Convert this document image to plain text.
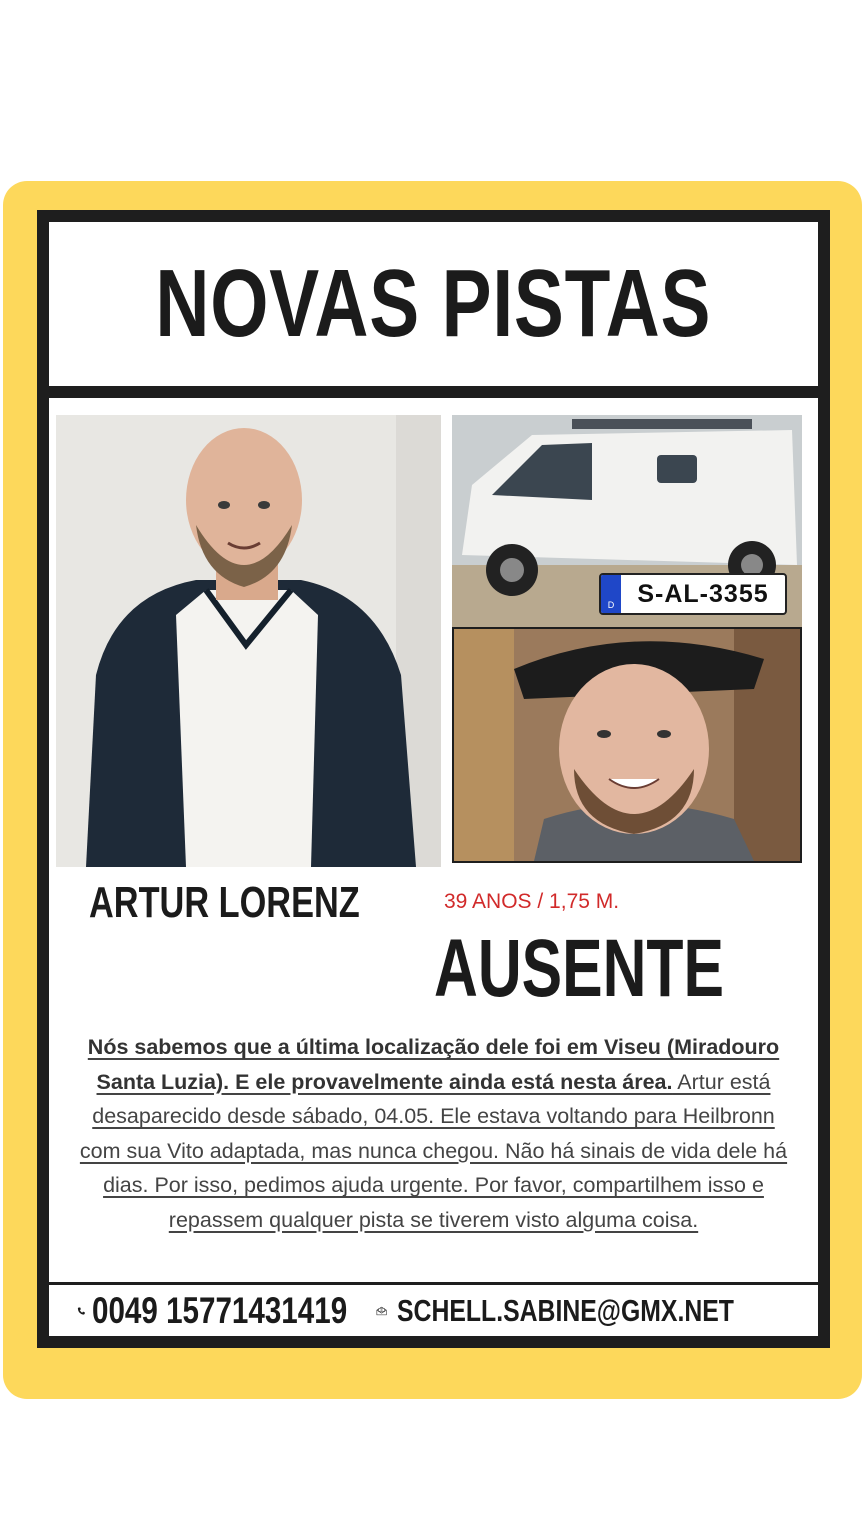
NOVAS PISTAS
D S-AL-3355
ARTUR LORENZ	39 ANOS / 1,75 M.
AUSENTE
Nós sabemos que a última localização dele foi em Viseu (Miradouro Santa Luzia). E ele provavelmente ainda está nesta área. Artur está desaparecido desde sábado, 04.05. Ele estava voltando para Heilbronn com sua Vito adaptada, mas nunca chegou. Não há sinais de vida dele há dias. Por isso, pedimos ajuda urgente. Por favor, compartilhem isso e repassem qualquer pista se tiverem visto alguma coisa.
0049 15771431419	@ SCHELL.SABINE@GMX.NET
